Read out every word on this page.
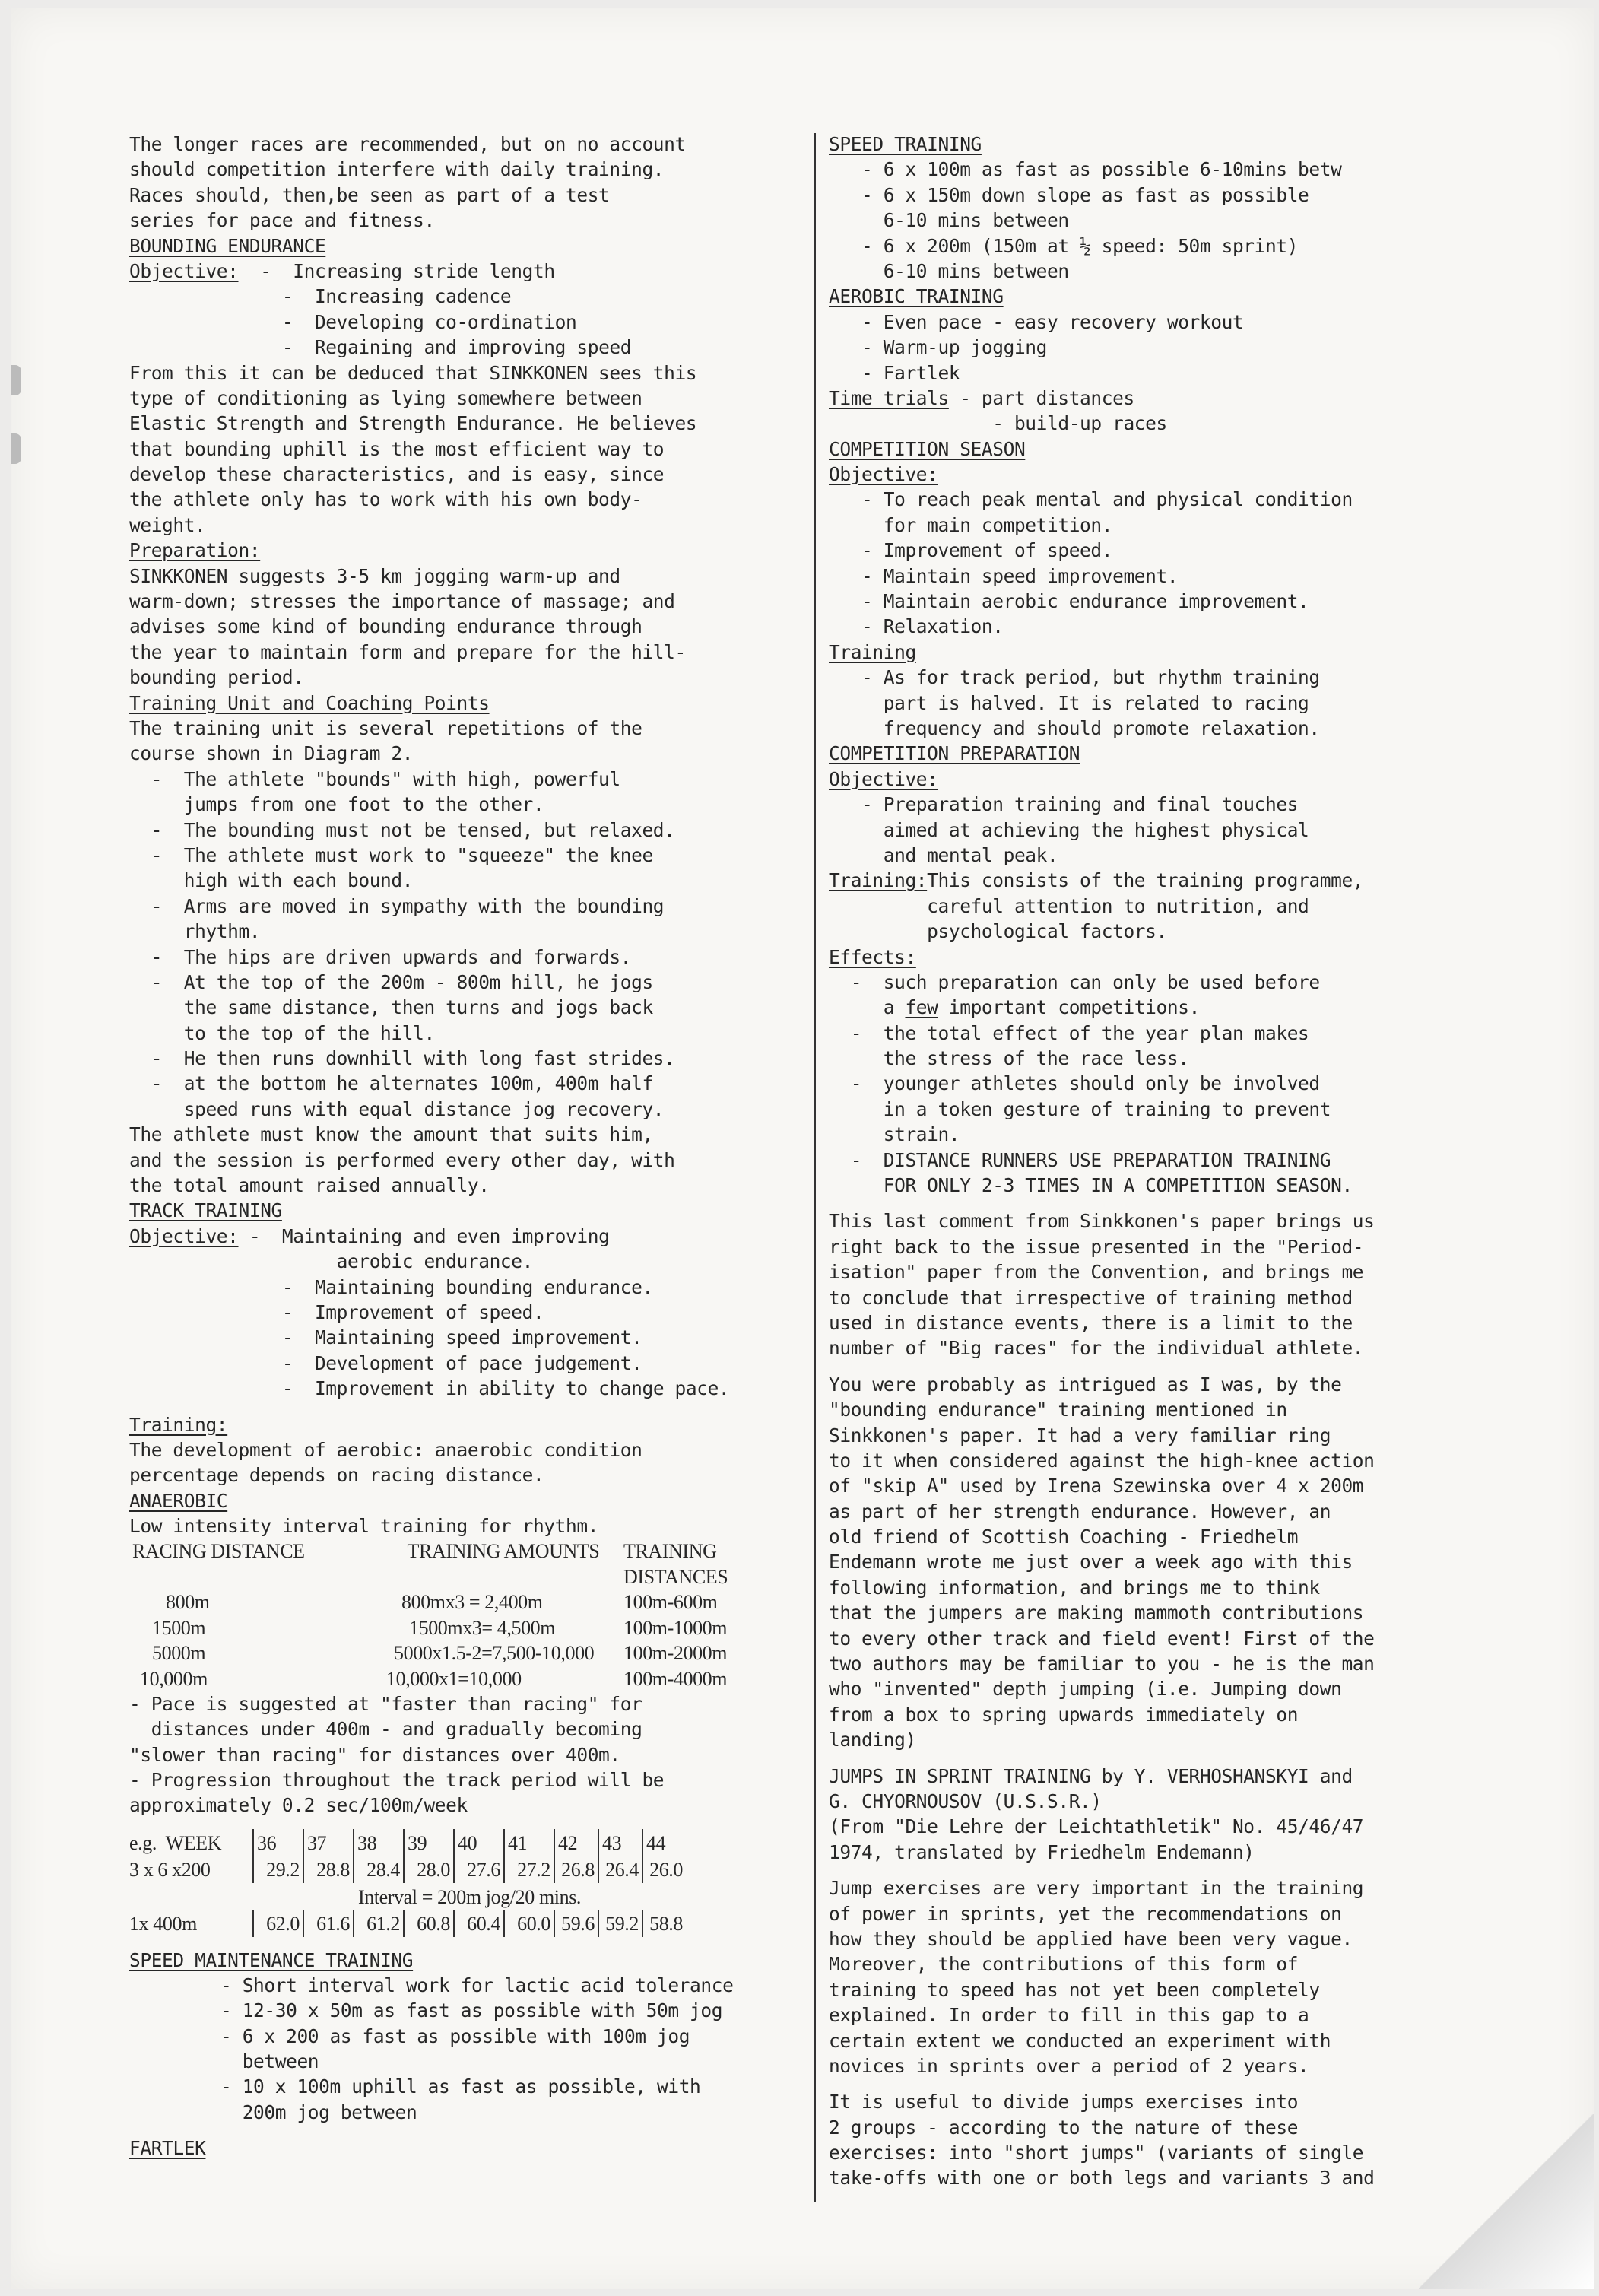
The longer races are recommended, but on no account
should competition interfere with daily training.
Races should, then,be seen as part of a test
series for pace and fitness.
BOUNDING ENDURANCE
Objective: -  Increasing stride length
-  Increasing cadence
-  Developing co-ordination
-  Regaining and improving speed
From this it can be deduced that SINKKONEN sees this
type of conditioning as lying somewhere between
Elastic Strength and Strength Endurance. He believes
that bounding uphill is the most efficient way to
develop these characteristics, and is easy, since
the athlete only has to work with his own body-
weight.
Preparation:
SINKKONEN suggests 3-5 km jogging warm-up and
warm-down; stresses the importance of massage; and
advises some kind of bounding endurance through
the year to maintain form and prepare for the hill-
bounding period.
Training Unit and Coaching Points
The training unit is several repetitions of the
course shown in Diagram 2.
-  The athlete "bounds" with high, powerful
jumps from one foot to the other.
-  The bounding must not be tensed, but relaxed.
-  The athlete must work to "squeeze" the knee
high with each bound.
-  Arms are moved in sympathy with the bounding
rhythm.
-  The hips are driven upwards and forwards.
-  At the top of the 200m - 800m hill, he jogs
the same distance, then turns and jogs back
to the top of the hill.
-  He then runs downhill with long fast strides.
-  at the bottom he alternates 100m, 400m half
speed runs with equal distance jog recovery.
The athlete must know the amount that suits him,
and the session is performed every other day, with
the total amount raised annually.
TRACK TRAINING
Objective: -  Maintaining and even improving
aerobic endurance.
-  Maintaining bounding endurance.
-  Improvement of speed.
-  Maintaining speed improvement.
-  Development of pace judgement.
-  Improvement in ability to change pace.
Training:
The development of aerobic: anaerobic condition
percentage depends on racing distance.
ANAEROBIC
Low intensity interval training for rhythm.
RACING DISTANCE	TRAINING AMOUNTS	TRAINING
		DISTANCES
800m	800mx3 = 2,400m	100m-600m
1500m	1500mx3= 4,500m	100m-1000m
5000m	5000x1.5-2=7,500-10,000	100m-2000m
10,000m	10,000x1=10,000	100m-4000m
- Pace is suggested at "faster than racing" for
distances under 400m - and gradually becoming
"slower than racing" for distances over 400m.
- Progression throughout the track period will be
approximately 0.2 sec/100m/week
e.g.  WEEK	36	37	38	39	40	41	42	43	44
3 x 6 x200	29.2	28.8	28.4	28.0	27.6	27.2	26.8	26.4	26.0
	Interval = 200m jog/20 mins.								
1x 400m	62.0	61.6	61.2	60.8	60.4	60.0	59.6	59.2	58.8
SPEED MAINTENANCE TRAINING
- Short interval work for lactic acid tolerance
- 12-30 x 50m as fast as possible with 50m jog
- 6 x 200 as fast as possible with 100m jog
between
- 10 x 100m uphill as fast as possible, with
200m jog between
FARTLEK
SPEED TRAINING
- 6 x 100m as fast as possible 6-10mins betw
- 6 x 150m down slope as fast as possible
6-10 mins between
- 6 x 200m (150m at ½ speed: 50m sprint)
6-10 mins between
AEROBIC TRAINING
- Even pace - easy recovery workout
- Warm-up jogging
- Fartlek
Time trials - part distances
- build-up races
COMPETITION SEASON
Objective:
- To reach peak mental and physical condition
for main competition.
- Improvement of speed.
- Maintain speed improvement.
- Maintain aerobic endurance improvement.
- Relaxation.
Training
- As for track period, but rhythm training
part is halved. It is related to racing
frequency and should promote relaxation.
COMPETITION PREPARATION
Objective:
- Preparation training and final touches
aimed at achieving the highest physical
and mental peak.
Training:This consists of the training programme,
careful attention to nutrition, and
psychological factors.
Effects:
-  such preparation can only be used before
a few important competitions.
-  the total effect of the year plan makes
the stress of the race less.
-  younger athletes should only be involved
in a token gesture of training to prevent
strain.
-  DISTANCE RUNNERS USE PREPARATION TRAINING
FOR ONLY 2-3 TIMES IN A COMPETITION SEASON.
This last comment from Sinkkonen's paper brings us
right back to the issue presented in the "Period-
isation" paper from the Convention, and brings me
to conclude that irrespective of training method
used in distance events, there is a limit to the
number of "Big races" for the individual athlete.
You were probably as intrigued as I was, by the
"bounding endurance" training mentioned in
Sinkkonen's paper. It had a very familiar ring
to it when considered against the high-knee action
of "skip A" used by Irena Szewinska over 4 x 200m
as part of her strength endurance. However, an
old friend of Scottish Coaching - Friedhelm
Endemann wrote me just over a week ago with this
following information, and brings me to think
that the jumpers are making mammoth contributions
to every other track and field event! First of the
two authors may be familiar to you - he is the man
who "invented" depth jumping (i.e. Jumping down
from a box to spring upwards immediately on
landing)
JUMPS IN SPRINT TRAINING by Y. VERHOSHANSKYI and
G. CHYORNOUSOV (U.S.S.R.)
(From "Die Lehre der Leichtathletik" No. 45/46/47
1974, translated by Friedhelm Endemann)
Jump exercises are very important in the training
of power in sprints, yet the recommendations on
how they should be applied have been very vague.
Moreover, the contributions of this form of
training to speed has not yet been completely
explained. In order to fill in this gap to a
certain extent we conducted an experiment with
novices in sprints over a period of 2 years.
It is useful to divide jumps exercises into
2 groups - according to the nature of these
exercises: into "short jumps" (variants of single
take-offs with one or both legs and variants 3 and
